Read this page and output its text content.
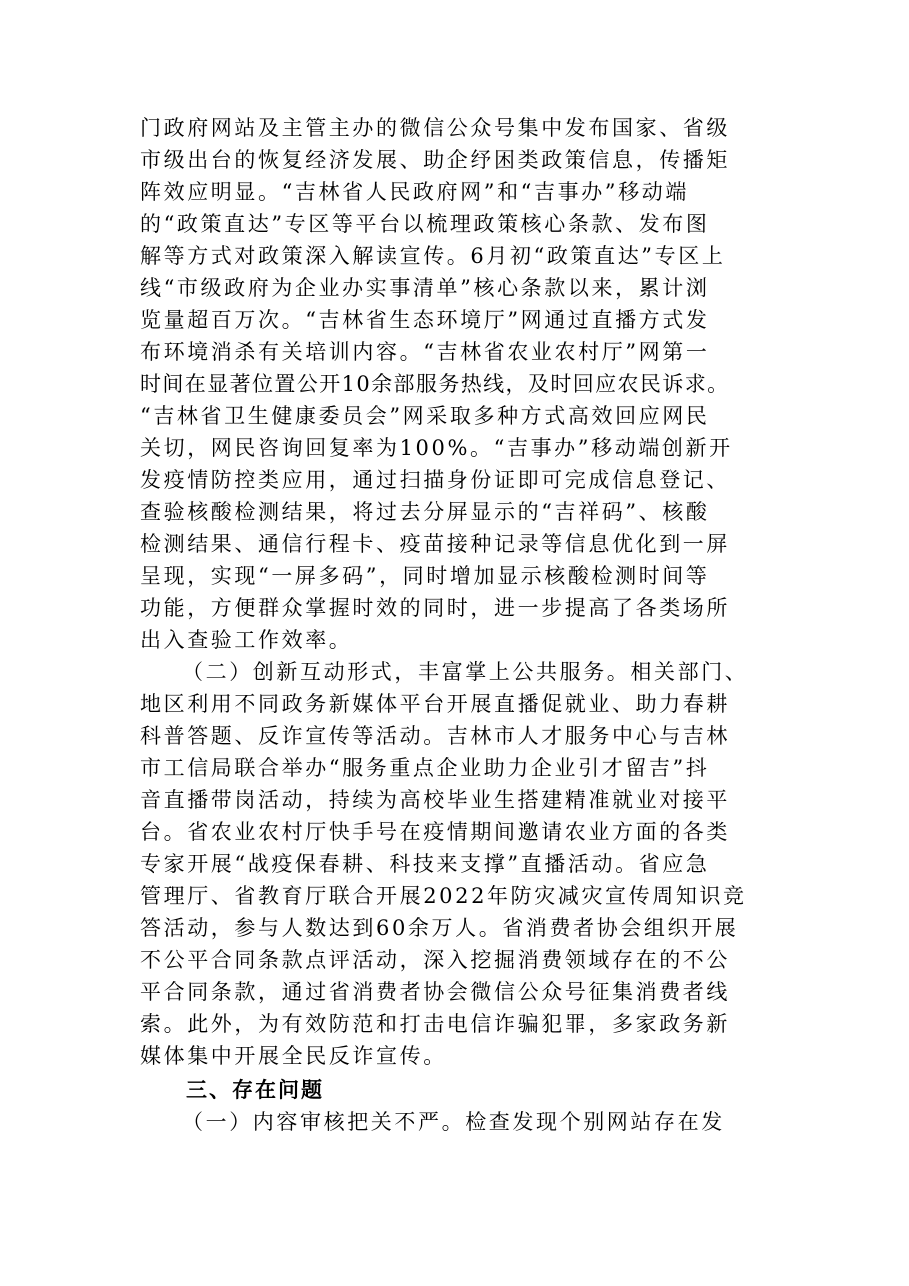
门政府网站及主管主办的微信公众号集中发布国家、省级
市级出台的恢复经济发展、助企纾困类政策信息，传播矩
阵效应明显。“吉林省人民政府网”和“吉事办”移动端
的“政策直达”专区等平台以梳理政策核心条款、发布图
解等方式对政策深入解读宣传。6月初“政策直达”专区上
线“市级政府为企业办实事清单”核心条款以来，累计浏
览量超百万次。“吉林省生态环境厅”网通过直播方式发
布环境消杀有关培训内容。“吉林省农业农村厅”网第一
时间在显著位置公开10余部服务热线，及时回应农民诉求。
“吉林省卫生健康委员会”网采取多种方式高效回应网民
关切，网民咨询回复率为100%。“吉事办”移动端创新开
发疫情防控类应用，通过扫描身份证即可完成信息登记、
查验核酸检测结果，将过去分屏显示的“吉祥码”、核酸
检测结果、通信行程卡、疫苗接种记录等信息优化到一屏
呈现，实现“一屏多码”，同时增加显示核酸检测时间等
功能，方便群众掌握时效的同时，进一步提高了各类场所
出入查验工作效率。
（二）创新互动形式，丰富掌上公共服务。相关部门、
地区利用不同政务新媒体平台开展直播促就业、助力春耕
科普答题、反诈宣传等活动。吉林市人才服务中心与吉林
市工信局联合举办“服务重点企业助力企业引才留吉”抖
音直播带岗活动，持续为高校毕业生搭建精准就业对接平
台。省农业农村厅快手号在疫情期间邀请农业方面的各类
专家开展“战疫保春耕、科技来支撑”直播活动。省应急
管理厅、省教育厅联合开展2022年防灾减灾宣传周知识竞
答活动，参与人数达到60余万人。省消费者协会组织开展
不公平合同条款点评活动，深入挖掘消费领域存在的不公
平合同条款，通过省消费者协会微信公众号征集消费者线
索。此外，为有效防范和打击电信诈骗犯罪，多家政务新
媒体集中开展全民反诈宣传。
三、存在问题
（一）内容审核把关不严。检查发现个别网站存在发
